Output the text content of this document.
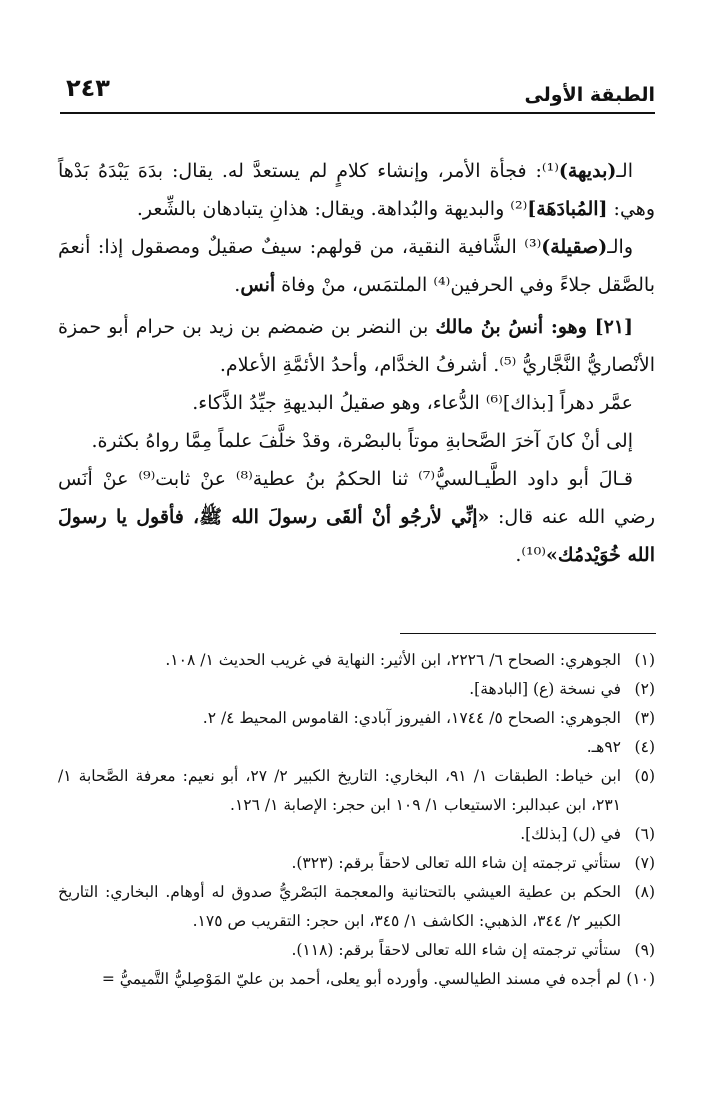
الطبقة الأولى
٢٤٣

الـ(بديهة)⁽¹⁾: فجأة الأمر، وإنشاء كلامٍ لم يستعدَّ له. يقال: بدَهَ يَبْدَهُ بَدْهاً وهي: [المُبادَهَة]⁽²⁾ والبديهة والبُداهة. ويقال: هذانِ يتبادهان بالشِّعر.

والـ(صقيلة)⁽³⁾ الشَّافية النقية، من قولهم: سيفٌ صقيلٌ ومصقول إذا: أنعمَ بالصَّقل جلاءً وفي الحرفين⁽⁴⁾ الملتمَس، منْ وفاة أنس.

[٢١] وهو: أنسُ بنُ مالك بن النضر بن ضمضم بن زيد بن حرام أبو حمزة الأنْصاريُّ النَّجَّاريُّ ⁽⁵⁾. أشرفُ الخدَّام، وأحدُ الأئمَّةِ الأعلام.

عمَّر دهراً [بذاك]⁽⁶⁾ الدُّعاء، وهو صقيلُ البديهةِ جيِّدُ الذَّكاء.

إلى أنْ كانَ آخرَ الصَّحابةِ موتاً بالبصْرة، وقدْ خلَّفَ علماً مِمَّا رواهُ بكثرة.

قـالَ أبو داود الطَّيـالسيُّ⁽⁷⁾ ثنا الحكمُ بنُ عطية⁽⁸⁾ عنْ ثابت⁽⁹⁾ عنْ أنَس رضي الله عنه قال: «إنِّي لأرجُو أنْ ألقَى رسولَ الله ﷺ، فأقول يا رسولَ الله خُوَيْدمُك»⁽¹⁰⁾.

(١)
الجوهري: الصحاح ٦/ ٢٢٢٦، ابن الأثير: النهاية في غريب الحديث ١/ ١٠٨.
(٢)
في نسخة (ع) [البادهة].
(٣)
الجوهري: الصحاح ٥/ ١٧٤٤، الفيروز آبادي: القاموس المحيط ٤/ ٢.
(٤)
٩٢هـ.
(٥)
ابن خياط: الطبقات ١/ ٩١، البخاري: التاريخ الكبير ٢/ ٢٧، أبو نعيم: معرفة الصَّحابة ١/ ٢٣١، ابن عبدالبر: الاستيعاب ١/ ١٠٩ ابن حجر: الإصابة ١/ ١٢٦.
(٦)
في (ل) [بذلك].
(٧)
ستأتي ترجمته إن شاء الله تعالى لاحقاً برقم: (٣٢٣).
(٨)
الحكم بن عطية العيشي بالتحتانية والمعجمة البَصْريُّ صدوق له أوهام. البخاري: التاريخ الكبير ٢/ ٣٤٤، الذهبي: الكاشف ١/ ٣٤٥، ابن حجر: التقريب ص ١٧٥.
(٩)
ستأتي ترجمته إن شاء الله تعالى لاحقاً برقم: (١١٨).
(١٠)
لم أجده في مسند الطيالسي. وأورده أبو يعلى، أحمد بن عليّ المَوْصِليُّ التَّميميُّ =
